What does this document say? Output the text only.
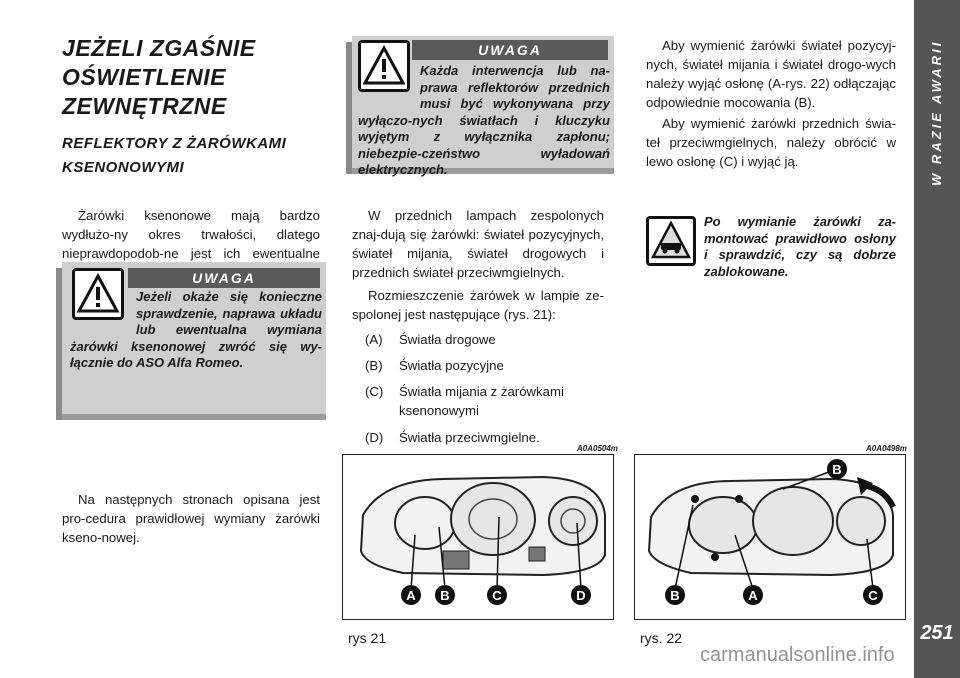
W RAZIE AWARII
251
JEŻELI ZGAŚNIE OŚWIETLENIE ZEWNĘTRZNE
REFLEKTORY Z ŻARÓWKAMI KSENONOWYMI

Żarówki ksenonowe mają bardzo wydłużo-ny okres trwałości, dlatego nieprawdopodob-ne jest ich ewentualne

UWAGA
Jeżeli okaże się konieczne sprawdzenie, naprawa układu lub ewentualna wymiana żarówki ksenonowej zwróć się wy-łącznie do ASO Alfa Romeo.

Na następnych stronach opisana jest pro-cedura prawidłowej wymiany żarówki kseno-nowej.

UWAGA
Każda interwencja lub na-prawa reflektorów przednich musi być wykonywana przy wyłączo-nych światłach i kluczyku wyjętym z wyłącznika zapłonu; niebezpie-czeństwo wyładowań elektrycznych.

W przednich lampach zespolonych znaj-dują się żarówki: świateł pozycyjnych, świateł mijania, świateł drogowych i przednich świateł przeciwmgielnych.

Rozmieszczenie żarówek w lampie ze-spolonej jest następujące (rys. 21):

(A)	Światła drogowe
(B)	Światła pozycyjne
(C)	Światła mijania z żarówkami ksenonowymi
(D)	Światła przeciwmgielne.

Aby wymienić żarówki świateł pozycyj-nych, świateł mijania i świateł drogo-wych należy wyjąć osłonę (A-rys. 22) odłączając odpowiednie mocowania (B).

Aby wymienić żarówki przednich świa-teł przeciwmgielnych, należy obrócić w lewo osłonę (C) i wyjąć ją.

Po wymianie żarówki za-montować prawidłowo osłony i sprawdzić, czy są dobrze zablokowane.
A0A0504m
A B	C	D
rys 21
A0A0498m
B
B	A	C
rys. 22
carmanualsonline.info
